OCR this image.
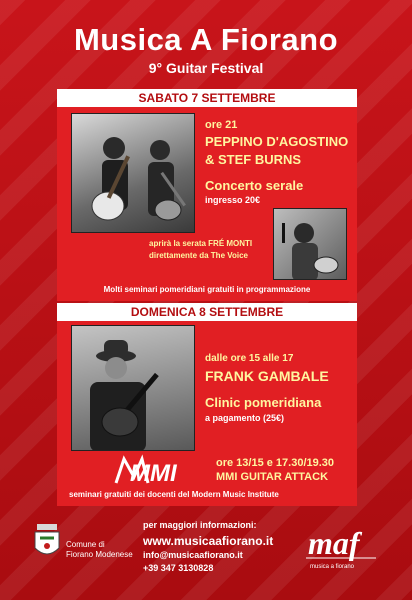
Musica A Fiorano
9° Guitar Festival
SABATO 7 SETTEMBRE
ore 21
PEPPINO D'AGOSTINO
& STEF BURNS
Concerto serale
ingresso 20€
aprirà la serata FRÉ MONTI
direttamente da The Voice
Molti seminari pomeridiani gratuiti in programmazione
DOMENICA 8 SETTEMBRE
dalle ore 15 alle 17
FRANK GAMBALE
Clinic pomeridiana
a pagamento (25€)
MMI	ore 13/15 e 17.30/19.30
MMI GUITAR ATTACK
seminari gratuiti dei docenti del Modern Music Institute
Comune di
Fiorano Modenese
per maggiori informazioni:
www.musicaafiorano.it
info@musicaafiorano.it
+39 347 3130828
maf
musica a fiorano
